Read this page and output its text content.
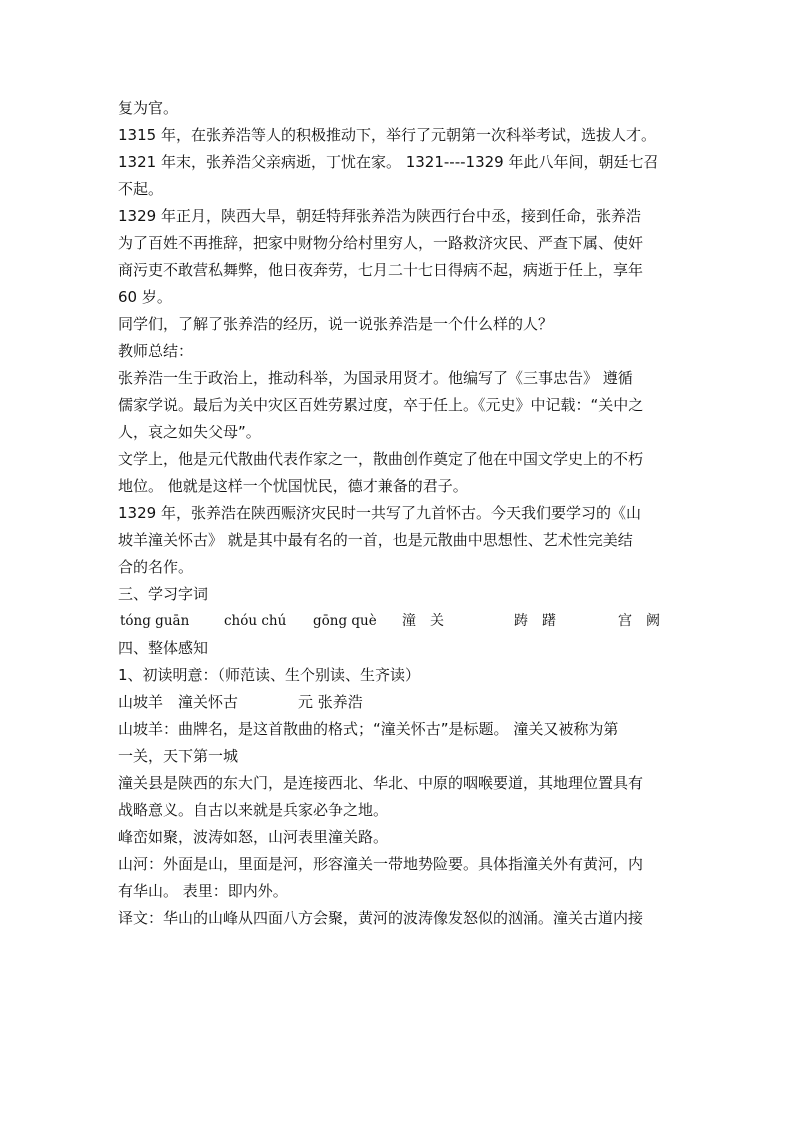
复为官。
1315 年，在张养浩等人的积极推动下，举行了元朝第一次科举考试，选拔人才。
1321 年末，张养浩父亲病逝，丁忧在家。 1321----1329 年此八年间，朝廷七召
不起。
1329 年正月，陕西大旱，朝廷特拜张养浩为陕西行台中丞，接到任命，张养浩
为了百姓不再推辞，把家中财物分给村里穷人，一路救济灾民、严查下属、使奸
商污吏不敢营私舞弊，他日夜奔劳，七月二十七日得病不起，病逝于任上，享年
60 岁。
同学们，了解了张养浩的经历，说一说张养浩是一个什么样的人？
教师总结：
张养浩一生于政治上，推动科举，为国录用贤才。他编写了《三事忠告》 遵循
儒家学说。最后为关中灾区百姓劳累过度，卒于任上。《元史》中记载：“关中之
人，哀之如失父母”。
文学上，他是元代散曲代表作家之一，散曲创作奠定了他在中国文学史上的不朽
地位。 他就是这样一个忧国忧民，德才兼备的君子。
1329 年，张养浩在陕西赈济灾民时一共写了九首怀古。今天我们要学习的《山
坡羊潼关怀古》 就是其中最有名的一首，也是元散曲中思想性、艺术性完美结
合的名作。
三、学习字词
tóng guān	chóu chú gōng què 潼　关	踌　躇	宫　阙
四、整体感知
1、初读明意：（师范读、生个别读、生齐读）
山坡羊　潼关怀古　　　　元 张养浩
山坡羊：曲牌名，是这首散曲的格式；“潼关怀古”是标题。 潼关又被称为第
一关，天下第一城
潼关县是陕西的东大门，是连接西北、华北、中原的咽喉要道，其地理位置具有
战略意义。自古以来就是兵家必争之地。
峰峦如聚，波涛如怒，山河表里潼关路。
山河：外面是山，里面是河，形容潼关一带地势险要。具体指潼关外有黄河，内
有华山。 表里：即内外。
译文：华山的山峰从四面八方会聚，黄河的波涛像发怒似的汹涌。潼关古道内接
